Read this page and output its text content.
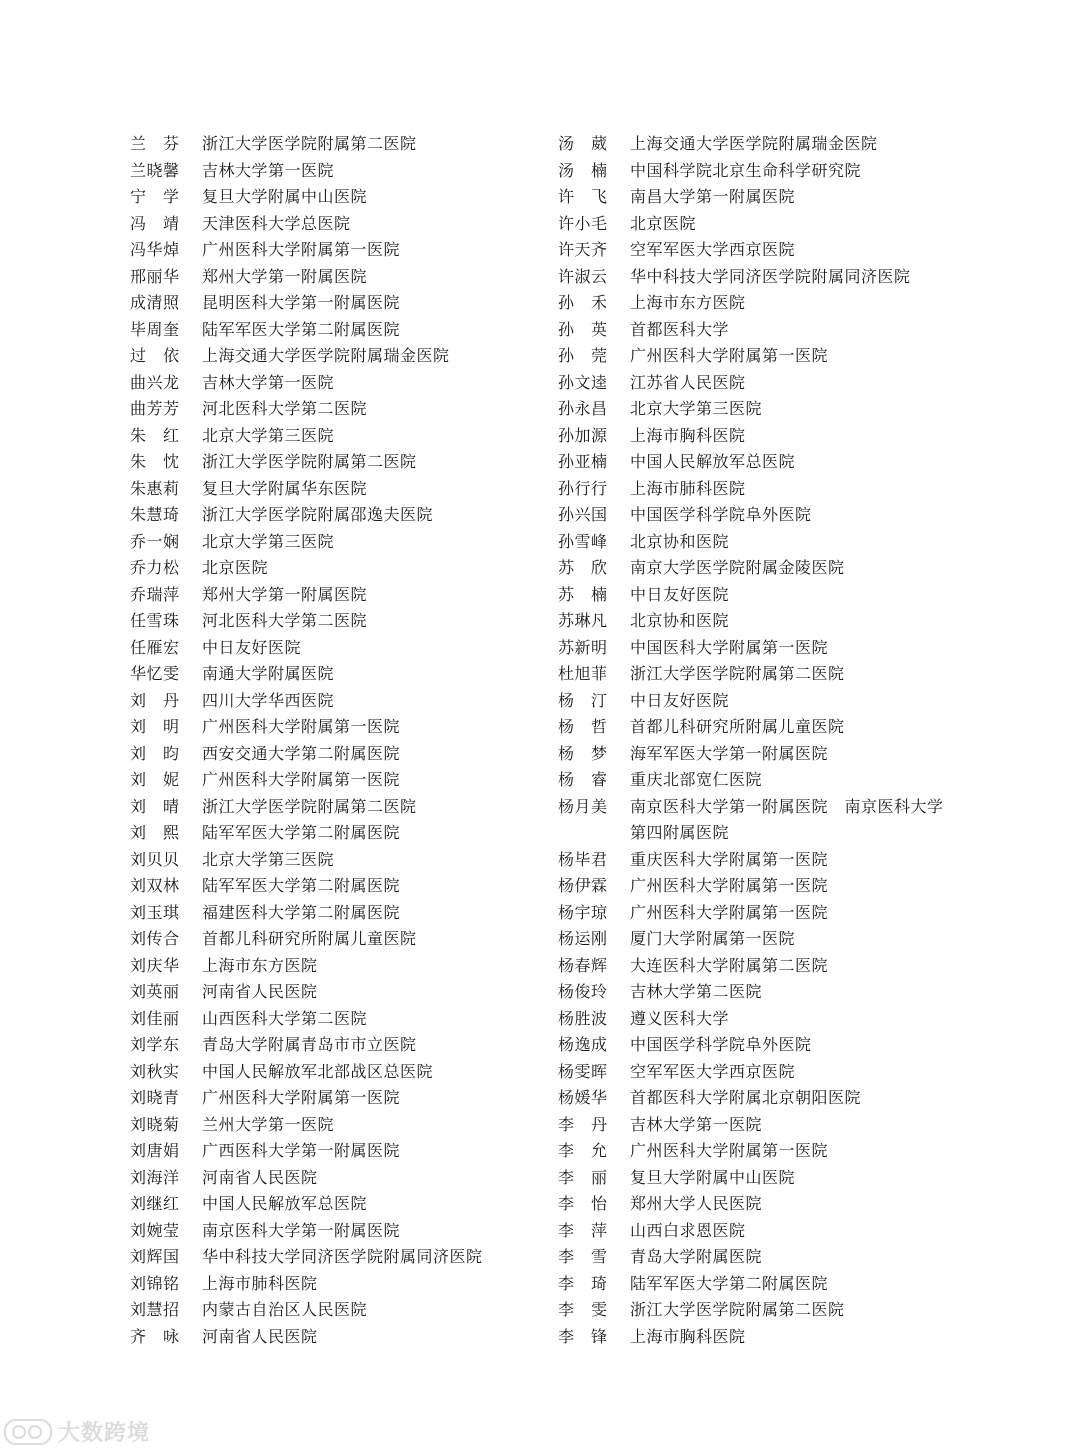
兰　芬	浙江大学医学院附属第二医院
兰晓馨	吉林大学第一医院
宁　学	复旦大学附属中山医院
冯　靖	天津医科大学总医院
冯华焯	广州医科大学附属第一医院
邢丽华	郑州大学第一附属医院
成清照	昆明医科大学第一附属医院
毕周奎	陆军军医大学第二附属医院
过　依	上海交通大学医学院附属瑞金医院
曲兴龙	吉林大学第一医院
曲芳芳	河北医科大学第二医院
朱　红	北京大学第三医院
朱　忱	浙江大学医学院附属第二医院
朱惠莉	复旦大学附属华东医院
朱慧琦	浙江大学医学院附属邵逸夫医院
乔一娴	北京大学第三医院
乔力松	北京医院
乔瑞萍	郑州大学第一附属医院
任雪珠	河北医科大学第二医院
任雁宏	中日友好医院
华忆雯	南通大学附属医院
刘　丹	四川大学华西医院
刘　明	广州医科大学附属第一医院
刘　昀	西安交通大学第二附属医院
刘　妮	广州医科大学附属第一医院
刘　晴	浙江大学医学院附属第二医院
刘　熙	陆军军医大学第二附属医院
刘贝贝	北京大学第三医院
刘双林	陆军军医大学第二附属医院
刘玉琪	福建医科大学第二附属医院
刘传合	首都儿科研究所附属儿童医院
刘庆华	上海市东方医院
刘英丽	河南省人民医院
刘佳丽	山西医科大学第二医院
刘学东	青岛大学附属青岛市市立医院
刘秋实	中国人民解放军北部战区总医院
刘晓青	广州医科大学附属第一医院
刘晓菊	兰州大学第一医院
刘唐娟	广西医科大学第一附属医院
刘海洋	河南省人民医院
刘继红	中国人民解放军总医院
刘婉莹	南京医科大学第一附属医院
刘辉国	华中科技大学同济医学院附属同济医院
刘锦铭	上海市肺科医院
刘慧招	内蒙古自治区人民医院
齐　咏	河南省人民医院
汤　葳	上海交通大学医学院附属瑞金医院
汤　楠	中国科学院北京生命科学研究院
许　飞	南昌大学第一附属医院
许小毛	北京医院
许天齐	空军军医大学西京医院
许淑云	华中科技大学同济医学院附属同济医院
孙　禾	上海市东方医院
孙　英	首都医科大学
孙　莞	广州医科大学附属第一医院
孙文逵	江苏省人民医院
孙永昌	北京大学第三医院
孙加源	上海市胸科医院
孙亚楠	中国人民解放军总医院
孙行行	上海市肺科医院
孙兴国	中国医学科学院阜外医院
孙雪峰	北京协和医院
苏　欣	南京大学医学院附属金陵医院
苏　楠	中日友好医院
苏琳凡	北京协和医院
苏新明	中国医科大学附属第一医院
杜旭菲	浙江大学医学院附属第二医院
杨　汀	中日友好医院
杨　哲	首都儿科研究所附属儿童医院
杨　梦	海军军医大学第一附属医院
杨　睿	重庆北部宽仁医院
杨月美	南京医科大学第一附属医院　南京医科大学第四附属医院
杨毕君	重庆医科大学附属第一医院
杨伊霖	广州医科大学附属第一医院
杨宇琼	广州医科大学附属第一医院
杨运刚	厦门大学附属第一医院
杨春辉	大连医科大学附属第二医院
杨俊玲	吉林大学第二医院
杨胜波	遵义医科大学
杨逸成	中国医学科学院阜外医院
杨雯晖	空军军医大学西京医院
杨媛华	首都医科大学附属北京朝阳医院
李　丹	吉林大学第一医院
李　允	广州医科大学附属第一医院
李　丽	复旦大学附属中山医院
李　怡	郑州大学人民医院
李　萍	山西白求恩医院
李　雪	青岛大学附属医院
李　琦	陆军军医大学第二附属医院
李　雯	浙江大学医学院附属第二医院
李　锋	上海市胸科医院
大数跨境
